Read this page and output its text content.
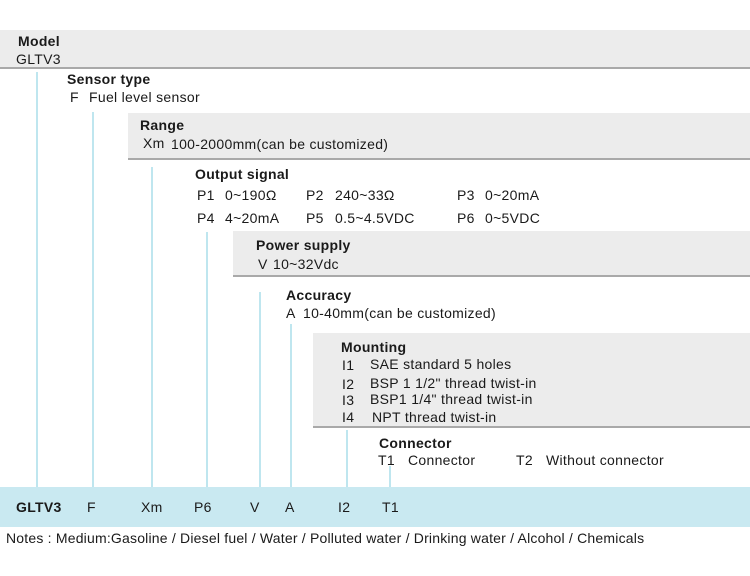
Model
GLTV3
Sensor type
F Fuel level sensor
Range
Xm 100-2000mm(can be customized)
Output signal
P1 0~190Ω P2 240~33Ω	P3 0~20mA
P4 4~20mA P5 0.5~4.5VDC	P6 0~5VDC
Power supply
V 10~32Vdc
Accuracy
A 10-40mm(can be customized)
Mounting
I1 SAE standard 5 holes
I2 BSP 1 1/2" thread twist-in
I3 BSP1 1/4" thread twist-in
I4 NPT thread twist-in
Connector
T1 Connector	T2 Without connector
GLTV3 F	Xm P6	V A	I2 T1
Notes : Medium:Gasoline / Diesel fuel / Water / Polluted water / Drinking water / Alcohol / Chemicals
